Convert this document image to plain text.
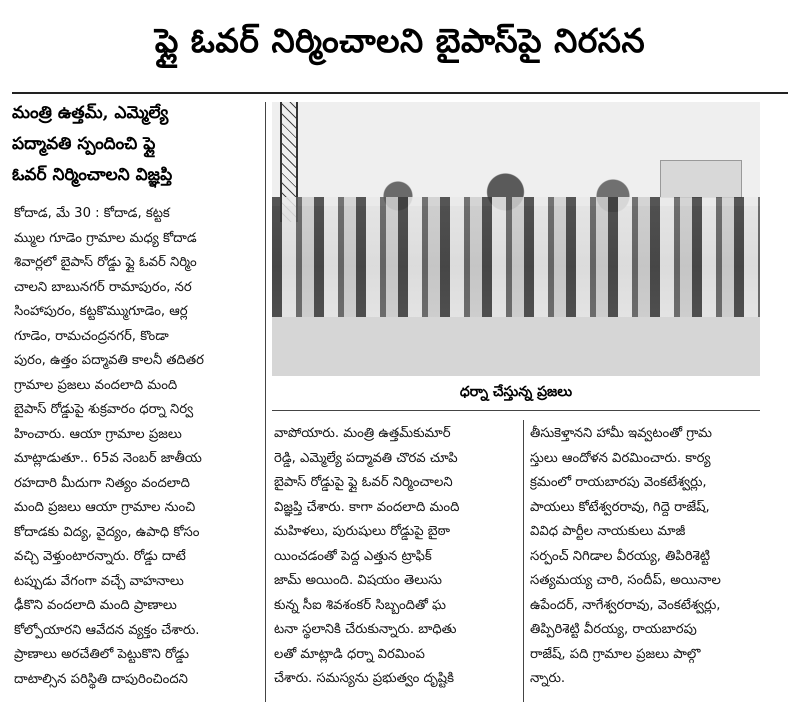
ఫ్లై ఓవర్ నిర్మించాలని బైపాస్‌పై నిరసన
మంత్రి ఉత్తమ్, ఎమ్మెల్యే
పద్మావతి స్పందించి ఫ్లై
ఓవర్ నిర్మించాలని విజ్ఞప్తి
ధర్నా చేస్తున్న ప్రజలు
కోదాడ, మే 30 : కోదాడ, కట్టక
మ్ముల గూడెం గ్రామాల మధ్య కోదాడ
శివార్లలో బైపాస్ రోడ్డు ఫ్లై ఓవర్ నిర్మిం
చాలని బాబునగర్ రామాపురం, నర
సింహాపురం, కట్టకొమ్ముగూడెం, ఆర్ల
గూడెం, రామచంద్రనగర్, కొండా
పురం, ఉత్తం పద్మావతి కాలనీ తదితర
గ్రామాల ప్రజలు వందలాది మంది
బైపాస్ రోడ్డుపై శుక్రవారం ధర్నా నిర్వ
హించారు. ఆయా గ్రామాల ప్రజలు
మాట్లాడుతూ.. 65వ నెంబర్ జాతీయ
రహదారి మీదుగా నిత్యం వందలాది
మంది ప్రజలు ఆయా గ్రామాల నుంచి
కోదాడకు విద్య, వైద్యం, ఉపాధి కోసం
వచ్చి వెళ్తుంటారన్నారు. రోడ్డు దాటే
టప్పుడు వేగంగా వచ్చే వాహనాలు
ఢీకొని వందలాది మంది ప్రాణాలు
కోల్పోయారని ఆవేదన వ్యక్తం చేశారు.
ప్రాణాలు అరచేతిలో పెట్టుకొని రోడ్డు
దాటాల్సిన పరిస్థితి దాపురించిందని
వాపోయారు. మంత్రి ఉత్తమ్‌కుమార్
రెడ్డి, ఎమ్మెల్యే పద్మావతి చొరవ చూపి
బైపాస్ రోడ్డుపై ఫ్లై ఓవర్ నిర్మించాలని
విజ్ఞప్తి చేశారు. కాగా వందలాది మంది
మహిళలు, పురుషులు రోడ్డుపై బైఠా
యించడంతో పెద్ద ఎత్తున ట్రాఫిక్
జామ్ అయింది. విషయం తెలుసు
కున్న సీఐ శివశంకర్ సిబ్బందితో ఘ
టనా స్థలానికి చేరుకున్నారు. బాధితు
లతో మాట్లాడి ధర్నా విరమింప
చేశారు. సమస్యను ప్రభుత్వం దృష్టికి
తీసుకెళ్తానని హామీ ఇవ్వటంతో గ్రామ
స్తులు ఆందోళన విరమించారు. కార్య
క్రమంలో రాయబారపు వెంకటేశ్వర్లు,
పాయలు కోటేశ్వరరావు, గిద్దె రాజేష్,
వివిధ పార్టీల నాయకులు మాజీ
సర్పంచ్ నిగిడాల వీరయ్య, తిపిరిశెట్టి
సత్యమయ్య చారి, సందీప్, అయినాల
ఉపేందర్, నాగేశ్వరరావు, వెంకటేశ్వర్లు,
తిప్పిరిశెట్టి వీరయ్య, రాయబారపు
రాజేష్, పది గ్రామాల ప్రజలు పాల్గొ
న్నారు.
